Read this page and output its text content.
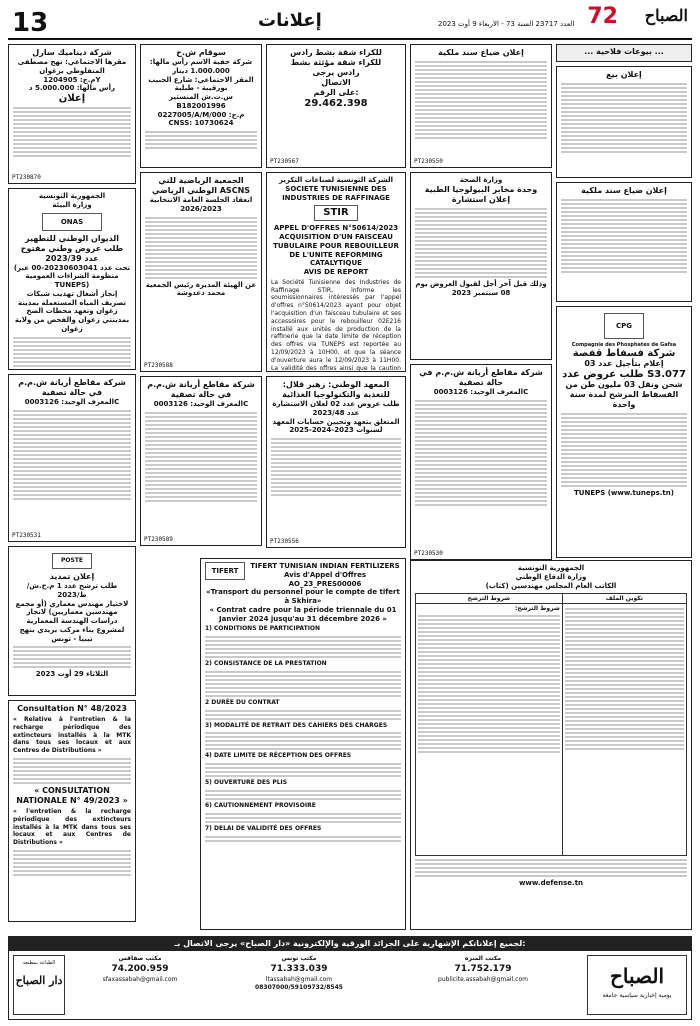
13	إعلانات	العدد 23717 السنة 73 - الاربعاء 9 أوت 2023 72 الصباح
شركة ديناميك سارل
مقرها الاجتماعي: نهج مصطفى المنفلوطي بزغوان
م.ج: 1204905Y
رأس مالها: 5.000.000 د
إعلان
PT230870
الجمهورية التونسية
وزارة البيئة
ONAS
الديوان الوطني للتطهير
طلب عروض وطني مفتوح عدد 2023/39
(تحت عدد 20230603041-00 عبر منظومة الشراءات العمومية TUNEPS)
إنجاز أشغال تهذيب شبكات تصريف المياه المستعملة بمدينة زغوان وتعهد محطات الضخ بمدينتي زغوان والفحص من ولاية زغوان
شركة مقاطع أريانة ش.م.م في حالة تصفية
المعرف الوحيد: 0003126C
PT230531
POSTE
إعلان تمديد
طلب ترشح عدد 1 م.ح.ش/ط/2023
لاختيار مهندس معماري (أو مجمع مهندسين معماريين) لانجاز دراسات الهندسة المعمارية لمشروع بناء مركب بريدي بنهج تيبيا - تونس
الثلاثاء 29 أوت 2023
Consultation N° 48/2023
« Relative à l'entretien & la recharge périodique des extincteurs installés à la MTK dans tous ses locaux et aux Centres de Distributions »
« CONSULTATION NATIONALE N° 49/2023 »
« l'entretien & la recharge périodique des extincteurs installés à la MTK dans tous ses locaux et aux Centres de Distributions »
سوقام ش.خ
شركة خفية الاسم رأس مالها: 1.000.000 دينار
المقر الاجتماعي: شارع الحبيب بورقيبة - طبلبة
س.ت.ش المنستير B182001996
0227005/A/M/000 :م.ج
CNSS: 10730624
الجمعية الرياضية للتي الوطني الرياضي ASCNS
انعقاد الجلسة العامة الانتخابية 2026/2023
عن الهيئة المديرة رئيس الجمعية محمد دعدوشة
PT230588
شركة مقاطع أريانة ش.م.م في حالة تصفية
المعرف الوحيد: 0003126C
PT230589
للكراء شقة بشط رادس
للكراء شقة مؤثثة بشط
رادس يرجى
الاتصال
على الرقم:
29.462.398
PT230567
الشركة التونسية لصناعات التكرير
SOCIETE TUNISIENNE DES INDUSTRIES DE RAFFINAGE
STIR
APPEL D'OFFRES N°50614/2023
ACQUISITION D'UN FAISCEAU TUBULAIRE POUR REBOUILLEUR DE L'UNITE REFORMING CATALYTIQUE
AVIS DE REPORT
La Société Tunisienne des Industries de Raffinage STIR, informe les soumissionnaires intéressés par l'appel d'offres n°50614/2023 ayant pour objet l'acquisition d'un faisceau tubulaire et ses accessoires pour le rebouilleur 02E216 installé aux unités de production de la raffinerie que la date limite de réception des offres via TUNEPS est reportée au 12/09/2023 à 10H00, et que la séance d'ouverture aura le 12/09/2023 à 11H00. La validité des offres ainsi que la caution
المعهد الوطني: زهير قلال: للتغذية والتكنولوجيا الغذائية
طلب عروض عدد 02 لعلان الاستشارة عدد 2023/48
المتعلق بتعهد وتحيين حسابات المعهد لسنوات 2023-2024-2025
PT230556
TIFERT
TIFERT TUNISIAN INDIAN FERTILIZERS
Avis d'Appel d'Offres AO_23_PRES00006
«Transport du personnel pour le compte de tifert à Skhira»
« Contrat cadre pour la période triennale du 01 Janvier 2024 jusqu'au 31 décembre 2026 »
1) CONDITIONS DE PARTICIPATION
2) CONSISTANCE DE LA PRESTATION
2 DURÉE DU CONTRAT
3) MODALITÉ DE RETRAIT DES CAHIERS DES CHARGES
4) DATE LIMITE DE RÉCEPTION DES OFFRES
5) OUVERTURE DES PLIS
6) CAUTIONNEMENT PROVISOIRE
7) DELAI DE VALIDITÉ DES OFFRES
إعلان ضياع سند ملكية
PT230550
وزارة الصحة
وحدة مخابر البيولوجيا الطبية
إعلان استشارة
وذلك قبل آخر أجل لقبول العروض يوم 08 سبتمبر 2023
شركة مقاطع أريانة ش.م.م في حالة تصفية
المعرف الوحيد: 0003126C
PT230530
الجمهورية التونسية
وزارة الدفاع الوطني
الكاتب العام المجلس مهندسين (كتاب)
شروط الترشح	تكوين الملف
شروط الترشح:

www.defense.tn
... بيوعات فلاحية ...
إعلان بيع
إعلان ضياع سند ملكية
CPG
Compagnie des Phosphates de Gafsa
شركة فسفاط قفصة
إعلام بتأجيل عدد 03
طلب عروض عدد S3.077
شحن ونقل 03 مليون طن من الفسفاط المرشح لمدة سنة واحدة
TUNEPS (www.tuneps.tn)
لجميع إعلاناتكم الإشهارية على الجرائد الورقية والإلكترونية «دار الصباح» يرجى الاتصال بـ:
الطباعة بمطبعة
دار الصباح
مكتب صفاقس
74.200.959
sfaxassabah@gmail.com
مكتب تونس
71.333.039
ltassabah@gmail.com
08307000/59109732/8545
مكتب المنزه
71.752.179
publicite.assabah@gmail.com	الصباح
يومية إخبارية سياسية جامعة
